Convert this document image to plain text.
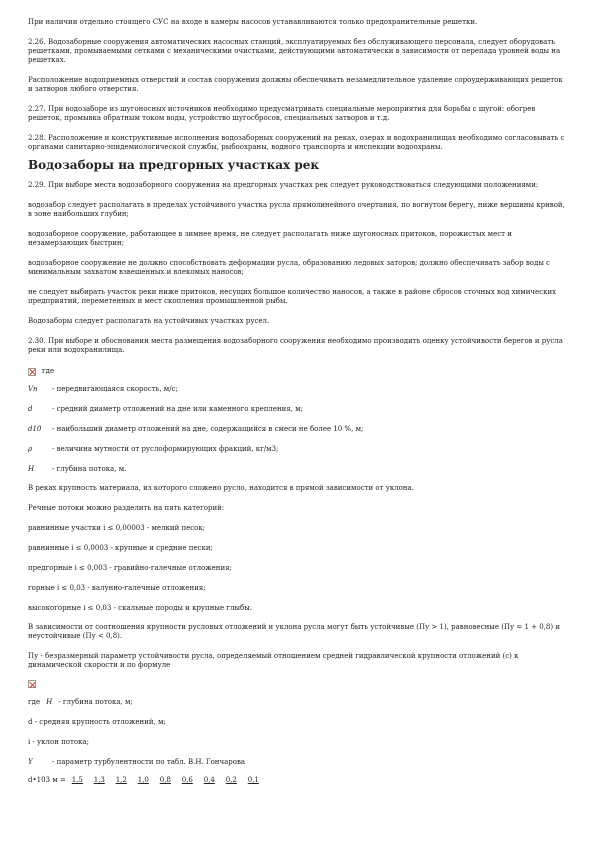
При наличии отдельно стоящего СУС на входе в камеры насосов устанавливаются только предохранительные решетки.

2.26. Водозаборные сооружения автоматических насосных станций, эксплуатируемых без обслуживающего персонала, следует оборудовать решетками, промываемыми сетками с механическими очистками, действующими автоматически в зависимости от перепада уровней воды на решетках.

Расположение водоприемных отверстий и состав сооружения должны обеспечивать незамедлительное удаление сороудерживающих решеток и затворов любого отверстия.

2.27. При водозаборе из шугоносных источников необходимо предусматривать специальные мероприятия для борьбы с шугой: обогрев решеток, промывка обратным током воды, устройство шугосбросов, специальных затворов и т.д.

2.28. Расположение и конструктивные исполнения водозаборных сооружений на реках, озерах и водохранилищах необходимо согласовывать с органами санитарно-эпидемиологической службы, рыбоохраны, водного транспорта и инспекции водоохраны.

Водозаборы на предгорных участках рек

2.29. При выборе места водозаборного сооружения на предгорных участках рек следует руководствоваться следующими положениями:

водозабор следует располагать в пределах устойчивого участка русла прямолинейного очертания, по вогнутом берегу, ниже вершины кривой, в зоне наибольших глубин;

водозаборное сооружение, работающее в зимнее время, не следует располагать ниже шугоносных притоков, порожистых мест и незамерзающих быстрин;

водозаборное сооружение не должно способствовать деформации русла, образованию ледовых заторов; должно обеспечивать забор воды с минимальным захватом взвешенных и влекомых наносов;

не следует выбирать участок реки ниже притоков, несущих большое количество наносов, а также в районе сбросов сточных вод химических предприятий, переметенных и мест скопления промышленной рыбы.

Водозаборы следует располагать на устойчивых участках русел.

2.30. При выборе и обосновании места размещения водозаборного сооружения необходимо производить оценку устойчивости берегов и русла реки или водохранилища.

где
Vн	- передвигающаяся скорость, м/с;
d	- средний диаметр отложений на дне или каменного крепления, м;
d10	- наибольший диаметр отложений на дне, содержащийся в смеси не более 10 %, м;
ρ	- величина мутности от руслоформирующих фракций, кг/м3;
H	- глубина потока, м.

В реках крупность материала, из которого сложено русло, находится в прямой зависимости от уклона.

Речные потоки можно разделить на пять категорий:

равнинные участки i ≤ 0,00003 - мелкий песок;

равнинные i ≤ 0,0003 - крупные и средние пески;

предгорные i ≤ 0,003 - гравийно-галечные отложения;

горные i ≤ 0,03 - валунно-галечные отложения;

высокогорные i ≤ 0,03 - скальные породы и крупные глыбы.

В зависимости от соотношения крупности русловых отложений и уклона русла могут быть устойчивые (Пу > 1), равновесные (Пу = 1 + 0,8) и неустойчивые (Пу < 0,8).

Пу - безразмерный параметр устойчивости русла, определяемый отношением средней гидравлической крупности отложений (с) к динамической скорости и по формуле

где H - глубина потока, м;

d - средняя крупность отложений, м;

i - уклон потока;

Y	- параметр турбулентности по табл. В.Н. Гончарова
d•103 м = 1,5 1,3 1,2 1,0 0,8 0,6 0,4 0,2 0,1
